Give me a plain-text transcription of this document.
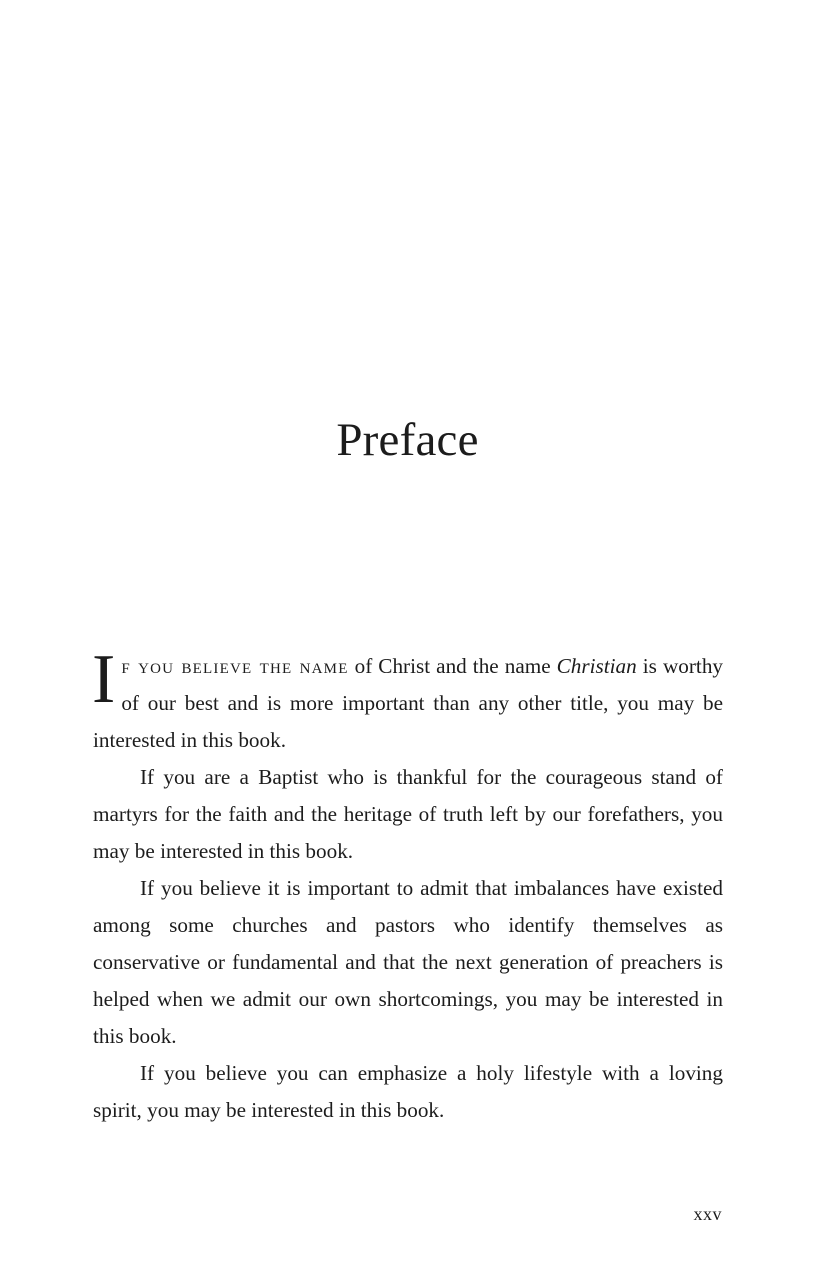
Preface

If you believe the name of Christ and the name Christian is worthy of our best and is more important than any other title, you may be interested in this book.

If you are a Baptist who is thankful for the courageous stand of martyrs for the faith and the heritage of truth left by our forefathers, you may be interested in this book.

If you believe it is important to admit that imbalances have existed among some churches and pastors who identify themselves as conservative or fundamental and that the next generation of preachers is helped when we admit our own shortcomings, you may be interested in this book.

If you believe you can emphasize a holy lifestyle with a loving spirit, you may be interested in this book.

xxv
